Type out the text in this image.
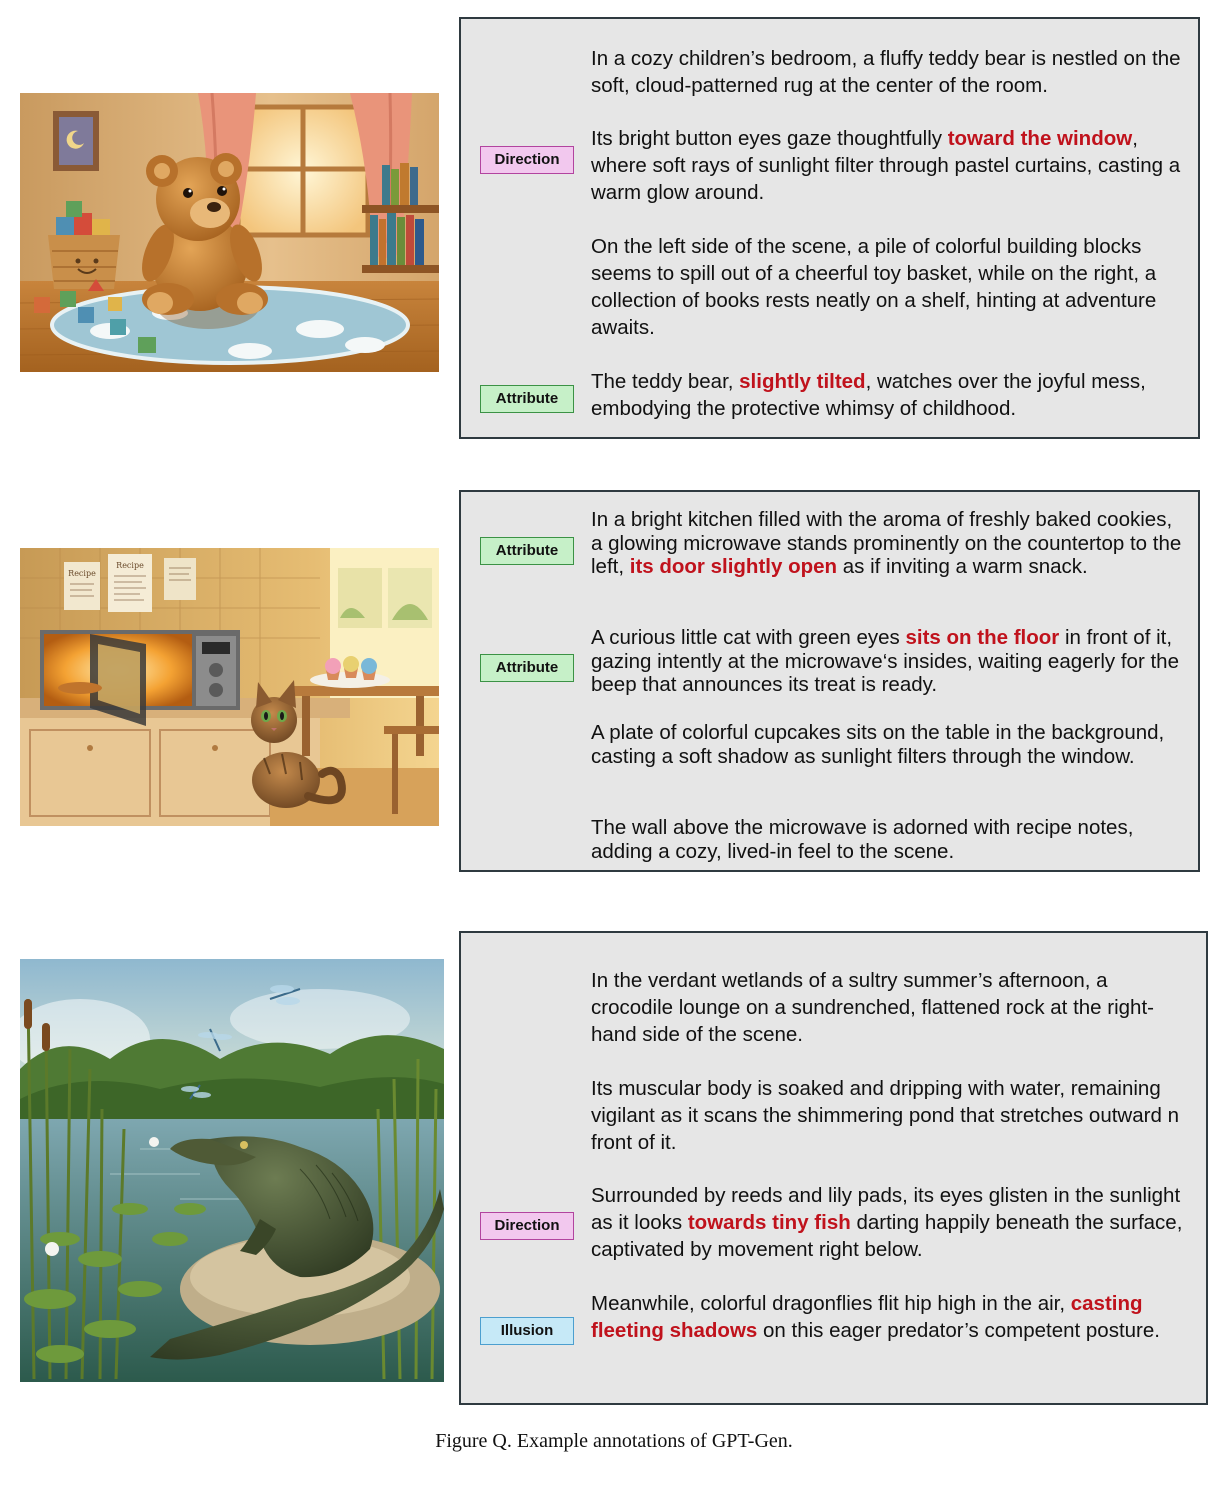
In a cozy children’s bedroom, a fluffy teddy bear is nestled on the soft, cloud-patterned rug at the center of the room.

Its bright button eyes gaze thoughtfully toward the window, where soft rays of sunlight filter through pastel curtains, casting a warm glow around.

On the left side of the scene, a pile of colorful building blocks seems to spill out of a cheerful toy basket, while on the right, a collection of books rests neatly on a shelf, hinting at adventure awaits.

The teddy bear, slightly tilted, watches over the joyful mess, embodying the protective whimsy of childhood.

Direction
Attribute
Recipe
Recipe

In a bright kitchen filled with the aroma of freshly baked cookies, a glowing microwave stands prominently on the countertop to the left, its door slightly open as if inviting a warm snack.

A curious little cat with green eyes sits on the floor in front of it, gazing intently at the microwave‘s insides, waiting eagerly for the beep that announces its treat is ready.

A plate of colorful cupcakes sits on the table in the background, casting a soft shadow as sunlight filters through the window.

The wall above the microwave is adorned with recipe notes, adding a cozy, lived-in feel to the scene.

Attribute
Attribute

In the verdant wetlands of a sultry summer’s afternoon, a crocodile lounge on a sundrenched, flattened rock at the right-hand side of the scene.

Its muscular body is soaked and dripping with water, remaining vigilant as it scans the shimmering pond that stretches outward n front of it.

Surrounded by reeds and lily pads, its eyes glisten in the sunlight as it looks towards tiny fish darting happily beneath the surface, captivated by movement right below.

Meanwhile, colorful dragonflies flit hip high in the air, casting fleeting shadows on this eager predator’s competent posture.

Direction
Illusion
Figure Q. Example annotations of GPT-Gen.
